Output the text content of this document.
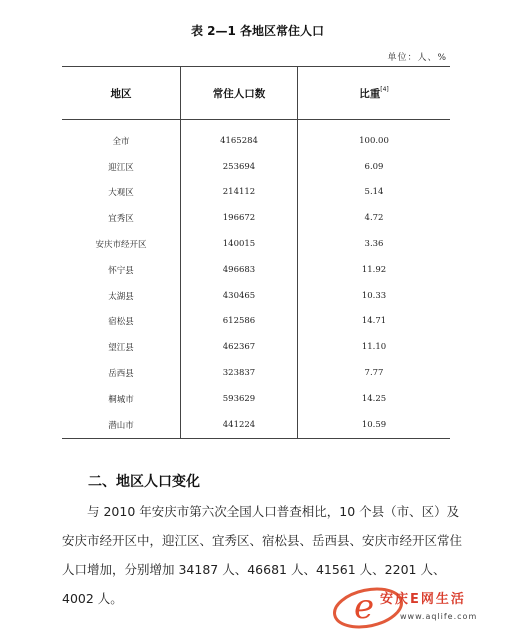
表 2—1 各地区常住人口
单位：人、%
地区	常住人口数	比重[4]
全市	4165284	100.00
迎江区	253694	6.09
大观区	214112	5.14
宜秀区	196672	4.72
安庆市经开区	140015	3.36
怀宁县	496683	11.92
太湖县	430465	10.33
宿松县	612586	14.71
望江县	462367	11.10
岳西县	323837	7.77
桐城市	593629	14.25
潜山市	441224	10.59
二、地区人口变化
与 2010 年安庆市第六次全国人口普查相比，10 个县（市、区）及安庆市经开区中，迎江区、宜秀区、宿松县、岳西县、安庆市经开区常住人口增加，分别增加 34187 人、46681 人、41561 人、2201 人、4002 人。	e 安庆E网生活
www.aqlife.com
